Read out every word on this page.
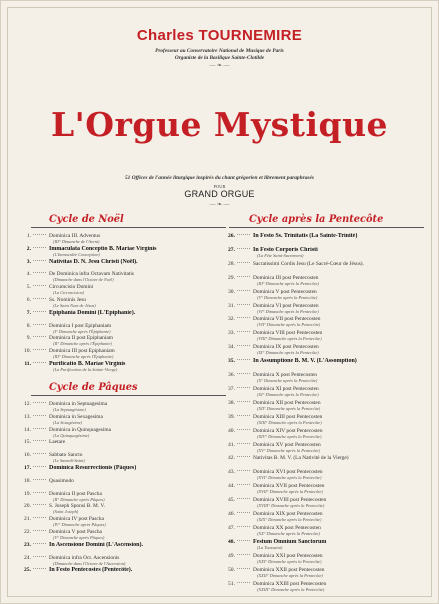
Charles TOURNEMIRE
Professeur au Conservatoire National de Musique de Paris
Organiste de la Basilique Sainte-Clotilde
— ❧ —
L'Orgue Mystique
51 Offices de l'année liturgique inspirés du chant grégorien et librement paraphrasés
POUR
GRAND ORGUE
— ❧ —
Cycle de Noël
1.	Dominica III. Adventus
(III° Dimanche de l'Avent)
2.	Immaculata Conceptio B. Mariae Virginis
(L'Immaculée Conception)
3.	Nativitas D. N. Jesu Christi (Noël).
4.	De Dominica infra Octavam Nativitatis
(Dimanche dans l'Octave de Noël)
5.	Circumcisio Domini
(La Circoncision)
6.	Ss. Nominis Jesu
(Le Saint Nom de Jésus)
7.	Epiphania Domini (L'Épiphanie).
8.	Dominica I post Epiphaniam
(I° Dimanche après l'Épiphanie)
9.	Dominica II post Epiphaniam
(II° Dimanche après l'Épiphanie)
10.	Dominica III post Epiphaniam
(III° Dimanche après l'Épiphanie)
11.	Purificatio B. Mariae Virginis
(La Purification de la Sainte-Vierge)
Cycle de Pâques
12.	Dominica in Septuagesima
(La Septuagésime)
13.	Dominica in Sexagesima
(La Sexagésime)
14.	Dominica in Quinquagesima
(La Quinquagésime)
15.	Laetare
16.	Sabbato Sancto
(Le Samedi-Saint)
17.	Dominica Resurrectionis (Pâques)
18.	Quasimodo
19.	Dominica II post Pascha
(II° Dimanche après Pâques)
20.	S. Joseph Sponsi B. M. V.
(Saint Joseph)
21.	Dominica IV post Pascha
(IV° Dimanche après Pâques)
22.	Dominica V post Pascha
(V° Dimanche après Pâques)
23.	In Ascensione Domini (L'Ascension).
24.	Dominica infra Oct. Ascensionis
(Dimanche dans l'Octave de l'Ascension)
25.	In Festo Pentecostes (Pentecôte).
Cycle après la Pentecôte
26.	In Festo Ss. Trinitatis (La Sainte-Trinité)
27.	In Festo Corporis Christi
(La Fête Saint-Sacrement)
28.	Sacratissimi Cordis Jesu (Le Sacré-Cœur de Jésus).
29.	Dominica III post Pentecosten
(III° Dimanche après la Pentecôte)
30.	Dominica V post Pentecosten
(V° Dimanche après la Pentecôte)
31.	Dominica VI post Pentecosten
(VI° Dimanche après la Pentecôte)
32.	Dominica VII post Pentecosten
(VII° Dimanche après la Pentecôte)
33.	Dominica VIII post Pentecosten
(VIII° Dimanche après la Pentecôte)
34.	Dominica IX post Pentecosten
(IX° Dimanche après la Pentecôte)
35.	In Assumptione B. M. V. (L'Assomption)
36.	Dominica X post Pentecosten
(X° Dimanche après la Pentecôte)
37.	Dominica XI post Pentecosten
(XI° Dimanche après la Pentecôte)
38.	Dominica XII post Pentecosten
(XII° Dimanche après la Pentecôte)
39.	Dominica XIII post Pentecosten
(XIII° Dimanche après la Pentecôte)
40.	Dominica XIV post Pentecosten
(XIV° Dimanche après la Pentecôte)
41.	Dominica XV post Pentecosten
(XV° Dimanche après la Pentecôte)
42.	Nativitas B. M. V. (La Nativité de la Vierge)
43.	Dominica XVI post Pentecosten
(XVI° Dimanche après la Pentecôte)
44.	Dominica XVII post Pentecosten
(XVII° Dimanche après la Pentecôte)
45.	Dominica XVIII post Pentecosten
(XVIII° Dimanche après la Pentecôte)
46.	Dominica XIX post Pentecosten
(XIX° Dimanche après la Pentecôte)
47.	Dominica XX post Pentecosten
(XX° Dimanche après la Pentecôte)
48.	Festum Omnium Sanctorum
(La Toussaint)
49.	Dominica XXI post Pentecosten
(XXI° Dimanche après la Pentecôte)
50.	Dominica XXII post Pentecosten
(XXII° Dimanche après la Pentecôte)
51.	Dominica XXIII post Pentecosten
(XXIII° Dimanche après la Pentecôte)
